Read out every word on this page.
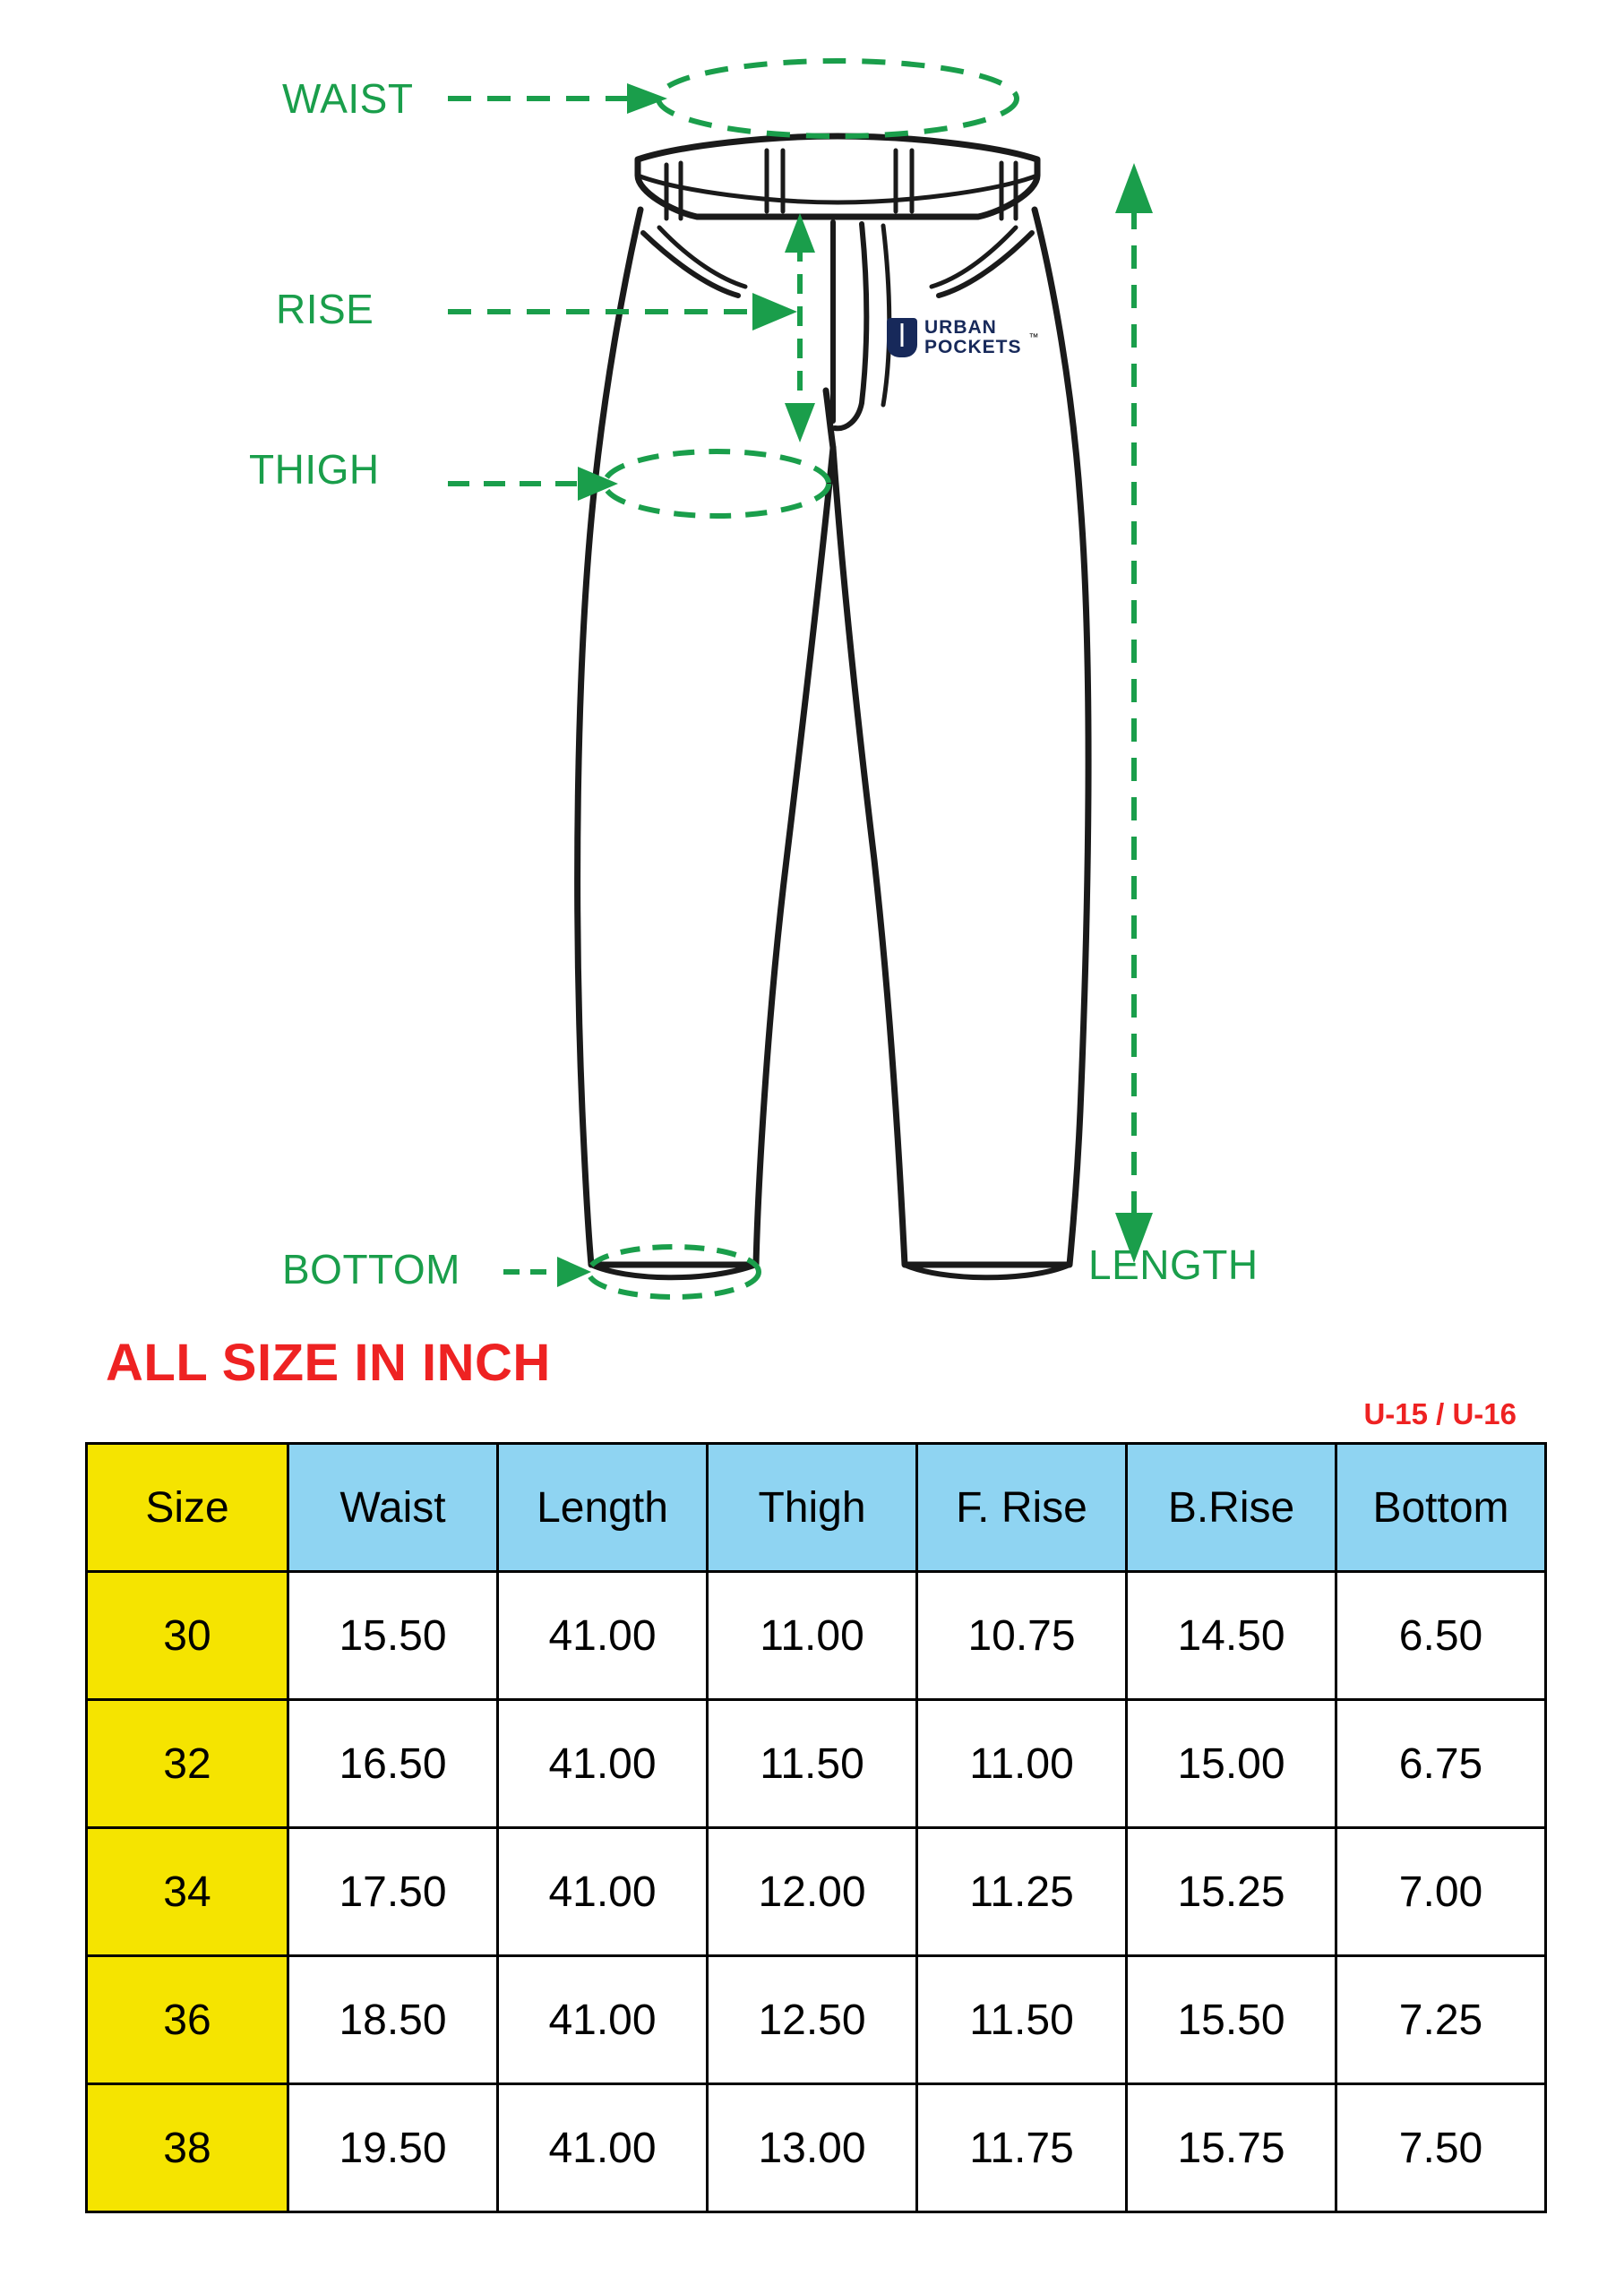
WAIST
RISE
THIGH
BOTTOM	LENGTH
URBAN
POCKETS ™
ALL SIZE IN INCH
U-15 / U-16
Size	Waist	Length	Thigh	F. Rise	B.Rise	Bottom
30	15.50	41.00	11.00	10.75	14.50	6.50
32	16.50	41.00	11.50	11.00	15.00	6.75
34	17.50	41.00	12.00	11.25	15.25	7.00
36	18.50	41.00	12.50	11.50	15.50	7.25
38	19.50	41.00	13.00	11.75	15.75	7.50
